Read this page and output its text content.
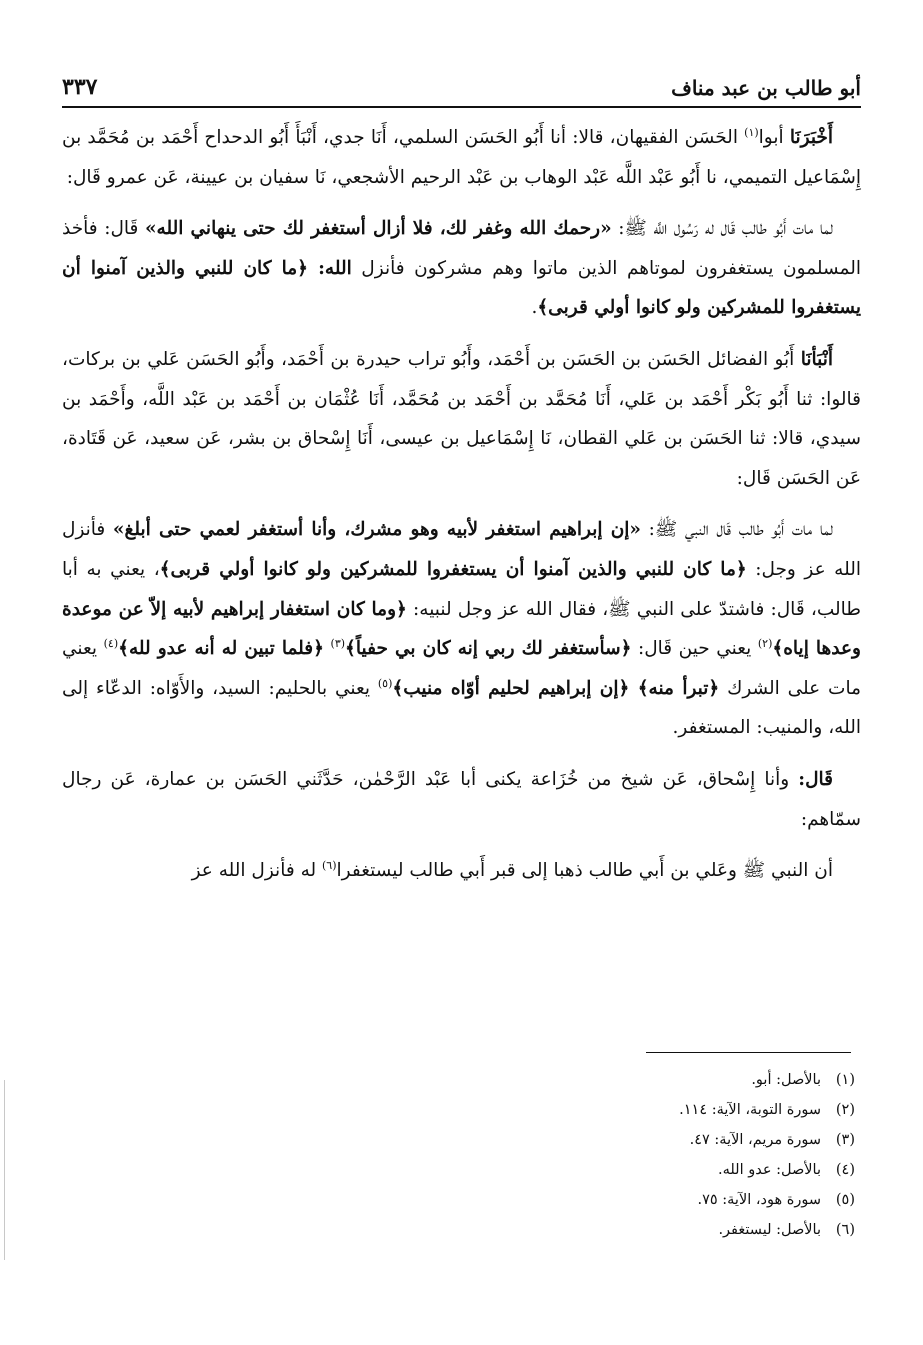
أبو طالب بن عبد مناف
٣٣٧

أَخْبَرَنَا أبوا$^{(١)}$ الحَسَن الفقيهان، قالا: أنا أَبُو الحَسَن السلمي، أَنَا جدي، أَنْبَأَ أَبُو الدحداح أَحْمَد بن مُحَمَّد بن إِسْمَاعيل التميمي، نا أَبُو عَبْد اللَّه عَبْد الوهاب بن عَبْد الرحيم الأشجعي، نَا سفيان بن عيينة، عَن عمرو قَال:

لما مات أَبُو طالب قَال له رَسُول اللَّه ﷺ: «رحمك الله وغفر لك، فلا أزال أستغفر لك حتى ينهاني الله» قَال: فأخذ المسلمون يستغفرون لموتاهم الذين ماتوا وهم مشركون فأنزل الله: ﴿ما كان للنبي والذين آمنوا أن يستغفروا للمشركين ولو كانوا أولي قربى﴾.

أَنْبَأنَا أَبُو الفضائل الحَسَن بن الحَسَن بن أَحْمَد، وأَبُو تراب حيدرة بن أَحْمَد، وأَبُو الحَسَن عَلي بن بركات، قالوا: ثنا أَبُو بَكْر أَحْمَد بن عَلي، أَنَا مُحَمَّد بن أَحْمَد بن مُحَمَّد، أَنَا عُثْمَان بن أَحْمَد بن عَبْد اللَّه، وأَحْمَد بن سيدي، قالا: ثنا الحَسَن بن عَلي القطان، نَا إِسْمَاعيل بن عيسى، أَنَا إِسْحاق بن بشر، عَن سعيد، عَن قَتَادة، عَن الحَسَن قَال:

لما مات أَبُو طالب قَال النبي ﷺ: «إن إبراهيم استغفر لأبيه وهو مشرك، وأنا أستغفر لعمي حتى أبلغ» فأنزل الله عز وجل: ﴿ما كان للنبي والذين آمنوا أن يستغفروا للمشركين ولو كانوا أولي قربى﴾، يعني به أبا طالب، قَال: فاشتدّ على النبي ﷺ، فقال الله عز وجل لنبيه: ﴿وما كان استغفار إبراهيم لأبيه إلاّ عن موعدة وعدها إياه﴾$^{(٢)}$ يعني حين قَال: ﴿سأستغفر لك ربي إنه كان بي حفياً﴾$^{(٣)}$ ﴿فلما تبين له أنه عدو لله﴾$^{(٤)}$ يعني مات على الشرك ﴿تبرأ منه﴾ ﴿إن إبراهيم لحليم أوّاه منيب﴾$^{(٥)}$ يعني بالحليم: السيد، والأَوّاه: الدعّاء إلى الله، والمنيب: المستغفر.

قَال: وأنا إِسْحاق، عَن شيخ من خُزَاعة يكنى أبا عَبْد الرَّحْمٰن، حَدَّثَني الحَسَن بن عمارة، عَن رجال سمّاهم:

أن النبي ﷺ وعَلي بن أَبي طالب ذهبا إلى قبر أَبي طالب ليستغفرا$^{(٦)}$ له فأنزل الله عز

(١)
بالأصل: أبو.
(٢)
سورة التوبة، الآية: ١١٤.
(٣)
سورة مريم، الآية: ٤٧.
(٤)
بالأصل: عدو الله.
(٥)
سورة هود، الآية: ٧٥.
(٦)
بالأصل: ليستغفر.
